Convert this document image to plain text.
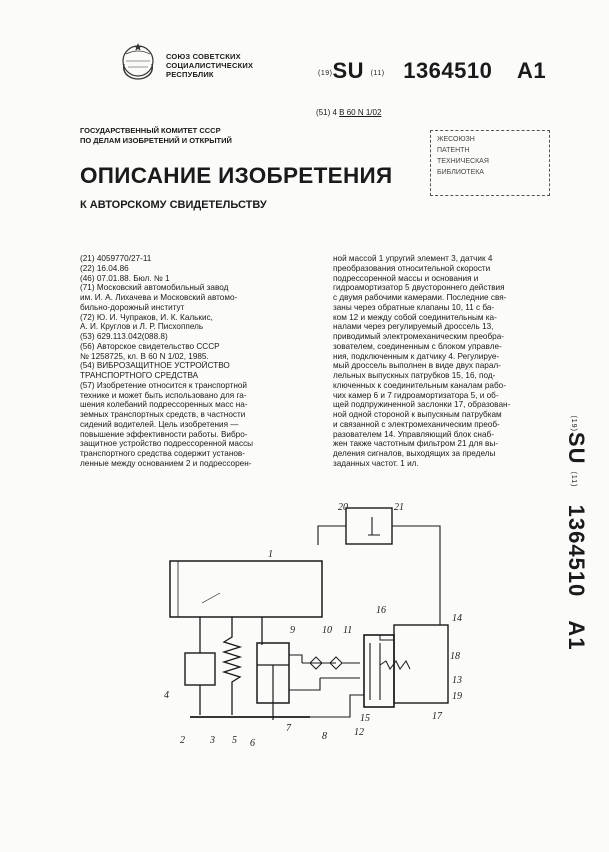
СОЮЗ СОВЕТСКИХ
СОЦИАЛИСТИЧЕСКИХ
РЕСПУБЛИК	(19)SU (11) 1364510 A1
(51) 4 B 60 N 1/02
ГОСУДАРСТВЕННЫЙ КОМИТЕТ СССР
ПО ДЕЛАМ ИЗОБРЕТЕНИЙ И ОТКРЫТИЙ	ЖЕСОЮЗН
ПАТЕНТН
ТЕХНИЧЕСКАЯ
БИБЛИОТЕКА
ОПИСАНИЕ ИЗОБРЕТЕНИЯ
К АВТОРСКОМУ СВИДЕТЕЛЬСТВУ
(21) 4059770/27-11
(22) 16.04.86
(46) 07.01.88. Бюл. № 1
(71) Московский автомобильный завод
им. И. А. Лихачева и Московский автомо-
бильно-дорожный институт
(72) Ю. И. Чупраков, И. К. Калькис,
А. И. Круглов и Л. Р. Писхоппель
(53) 629.113.042(088.8)
(56) Авторское свидетельство СССР
№ 1258725, кл. B 60 N 1/02, 1985.
(54) ВИБРОЗАЩИТНОЕ УСТРОЙСТВО
ТРАНСПОРТНОГО СРЕДСТВА
(57) Изобретение относится к транспортной
технике и может быть использовано для га-
шения колебаний подрессоренных масс на-
земных транспортных средств, в частности
сидений водителей. Цель изобретения —
повышение эффективности работы. Вибро-
защитное устройство подрессоренной массы
транспортного средства содержит установ-
ленные между основанием 2 и подрессорен-
ной массой 1 упругий элемент 3, датчик 4
преобразования относительной скорости
подрессоренной массы и основания и
гидроамортизатор 5 двустороннего действия
с двумя рабочими камерами. Последние свя-
заны через обратные клапаны 10, 11 с ба-
ком 12 и между собой соединительным ка-
налами через регулируемый дроссель 13,
приводимый электромеханическим преобра-
зователем, соединенным с блоком управле-
ния, подключенным к датчику 4. Регулируе-
мый дроссель выполнен в виде двух парал-
лельных выпускных патрубков 15, 16, под-
ключенных к соединительным каналам рабо-
чих камер 6 и 7 гидроамортизатора 5, и об-
щей подпружиненной заслонки 17, образован-
ной одной стороной к выпускным патрубкам
и связанной с электромеханическим преоб-
разователем 14. Управляющий блок снаб-
жен также частотным фильтром 21 для вы-
деления сигналов, выходящих за пределы
заданных частот. 1 ил.
(19)SU (11) 1364510 A1
1
2	3
4
5 6
7
8
9	10 11
12
13
14
15
16
17
18
19
20	21
